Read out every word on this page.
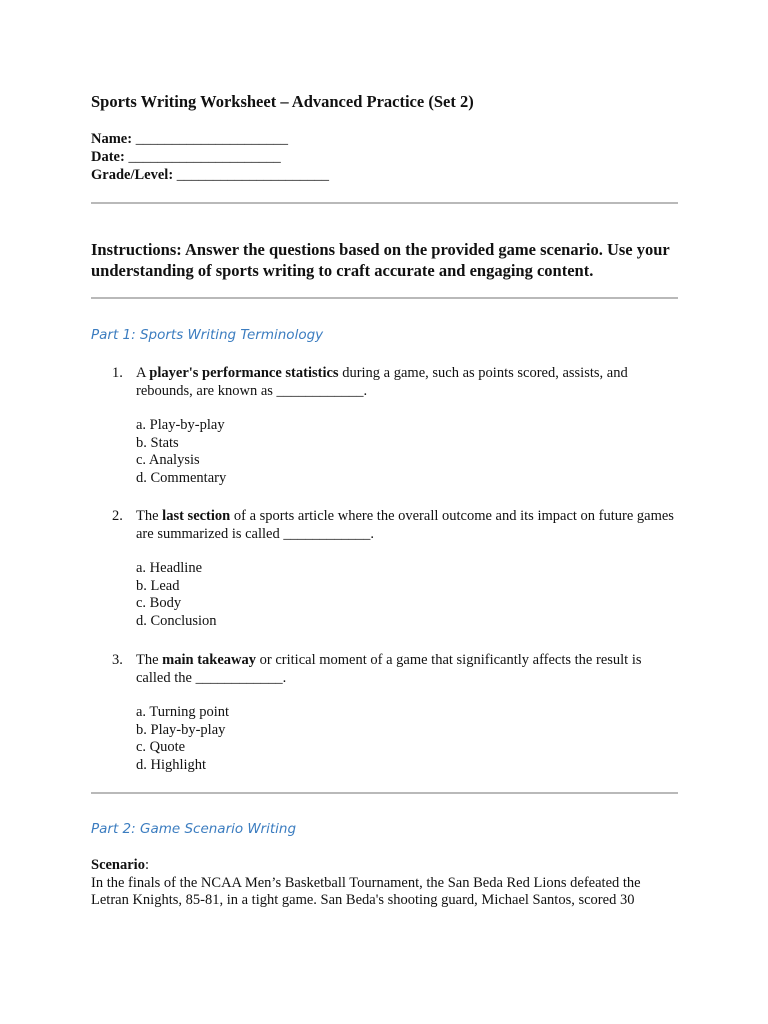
Sports Writing Worksheet – Advanced Practice (Set 2)
Name: _____________________
Date: _____________________
Grade/Level: _____________________
Instructions: Answer the questions based on the provided game scenario. Use your understanding of sports writing to craft accurate and engaging content.
Part 1: Sports Writing Terminology
1. A player's performance statistics during a game, such as points scored, assists, and rebounds, are known as ____________.
a. Play-by-play
b. Stats
c. Analysis
d. Commentary
2. The last section of a sports article where the overall outcome and its impact on future games are summarized is called ____________.
a. Headline
b. Lead
c. Body
d. Conclusion
3. The main takeaway or critical moment of a game that significantly affects the result is called the ____________.
a. Turning point
b. Play-by-play
c. Quote
d. Highlight
Part 2: Game Scenario Writing
Scenario:
In the finals of the NCAA Men’s Basketball Tournament, the San Beda Red Lions defeated the Letran Knights, 85-81, in a tight game. San Beda's shooting guard, Michael Santos, scored 30
